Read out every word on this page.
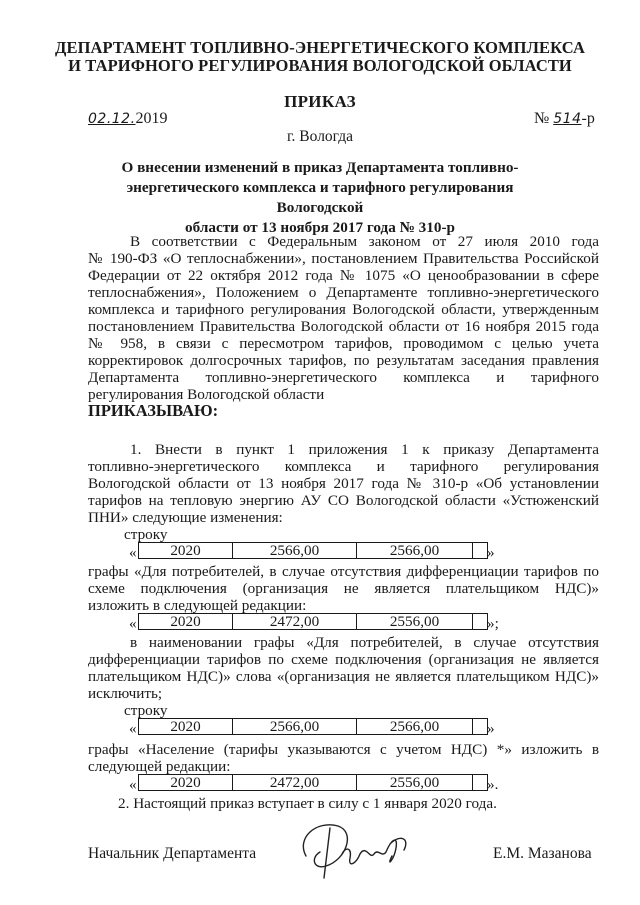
ДЕПАРТАМЕНТ ТОПЛИВНО-ЭНЕРГЕТИЧЕСКОГО КОМПЛЕКСА
И ТАРИФНОГО РЕГУЛИРОВАНИЯ ВОЛОГОДСКОЙ ОБЛАСТИ
ПРИКАЗ
02.12.2019	№ 514-р
г. Вологда
О внесении изменений в приказ Департамента топливно-
энергетического комплекса и тарифного регулирования Вологодской
области от 13 ноября 2017 года № 310-р
В соответствии с Федеральным законом от 27 июля 2010 года
№ 190-ФЗ «О теплоснабжении», постановлением Правительства Российской
Федерации от 22 октября 2012 года № 1075 «О ценообразовании в сфере
теплоснабжения», Положением о Департаменте топливно-энергетического
комплекса и тарифного регулирования Вологодской области, утвержденным
постановлением Правительства Вологодской области от 16 ноября 2015 года
№ 958, в связи с пересмотром тарифов, проводимом с целью учета
корректировок долгосрочных тарифов, по результатам заседания правления
Департамента топливно-энергетического комплекса и тарифного
регулирования Вологодской области
ПРИКАЗЫВАЮ:
1. Внести в пункт 1 приложения 1 к приказу Департамента
топливно-энергетического комплекса и тарифного регулирования
Вологодской области от 13 ноября 2017 года № 310-р «Об установлении
тарифов на тепловую энергию АУ СО Вологодской области «Устюженский
ПНИ» следующие изменения:
строку
« 2020	2566,00	2566,00		»
графы «Для потребителей, в случае отсутствия дифференциации тарифов по
схеме подключения (организация не является плательщиком НДС)»
изложить в следующей редакции:
« 2020	2472,00	2556,00		»;
в наименовании графы «Для потребителей, в случае отсутствия
дифференциации тарифов по схеме подключения (организация не является
плательщиком НДС)» слова «(организация не является плательщиком НДС)»
исключить;
строку
« 2020	2566,00	2566,00		»
графы «Население (тарифы указываются с учетом НДС) *» изложить в
следующей редакции:
« 2020	2472,00	2556,00		».
2. Настоящий приказ вступает в силу с 1 января 2020 года.
Начальник Департамента	Е.М. Мазанова
